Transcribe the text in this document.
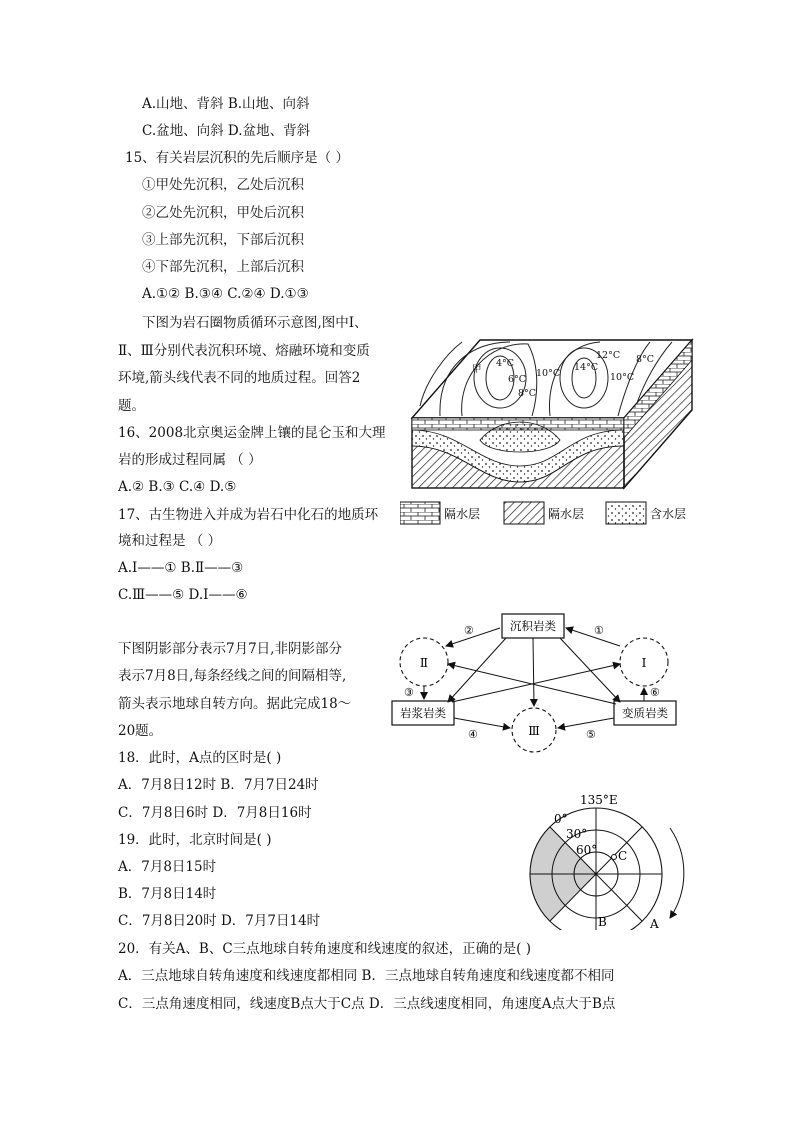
A.山地、背斜 B.山地、向斜
C.盆地、向斜 D.盆地、背斜
15、有关岩层沉积的先后顺序是（ ）
①甲处先沉积，乙处后沉积
②乙处先沉积，甲处后沉积
③上部先沉积，下部后沉积
④下部先沉积，上部后沉积
A.①② B.③④ C.②④ D.①③
下图为岩石圈物质循环示意图,图中Ⅰ、
Ⅱ、Ⅲ分别代表沉积环境、熔融环境和变质
环境,箭头线代表不同的地质过程。回答2
题。
16、2008北京奥运金牌上镶的昆仑玉和大理
岩的形成过程同属 （ ）
A.② B.③ C.④ D.⑤
17、古生物进入并成为岩石中化石的地质环
境和过程是 （ ）
A.Ⅰ——① B.Ⅱ——③
C.Ⅲ——⑤ D.Ⅰ——⑥
下图阴影部分表示7月7日,非阴影部分
表示7月8日,每条经线之间的间隔相等,
箭头表示地球自转方向。据此完成18～
20题。
18．此时，A点的区时是( )
A．7月8日12时 B．7月7日24时
C．7月8日6时 D．7月8日16时
19．此时，北京时间是( )
A．7月8日15时
B．7月8日14时
C．7月8日20时 D．7月7日14时
20．有关A、B、C三点地球自转角速度和线速度的叙述，正确的是( )
A．三点地球自转角速度和线速度都相同 B．三点地球自转角速度和线速度都不相同
C．三点角速度相同，线速度B点大于C点 D．三点线速度相同，角速度A点大于B点
甲
4°C
6°C
8°C
10°C
14°C
12°C
10°C
8°C
隔水层	隔水层	含水层
沉积岩类
岩浆岩类	变质岩类
Ⅱ	Ⅰ
Ⅲ
①
②
③
④	⑤
⑥
135°E
0°
30°
60° C
B	A
